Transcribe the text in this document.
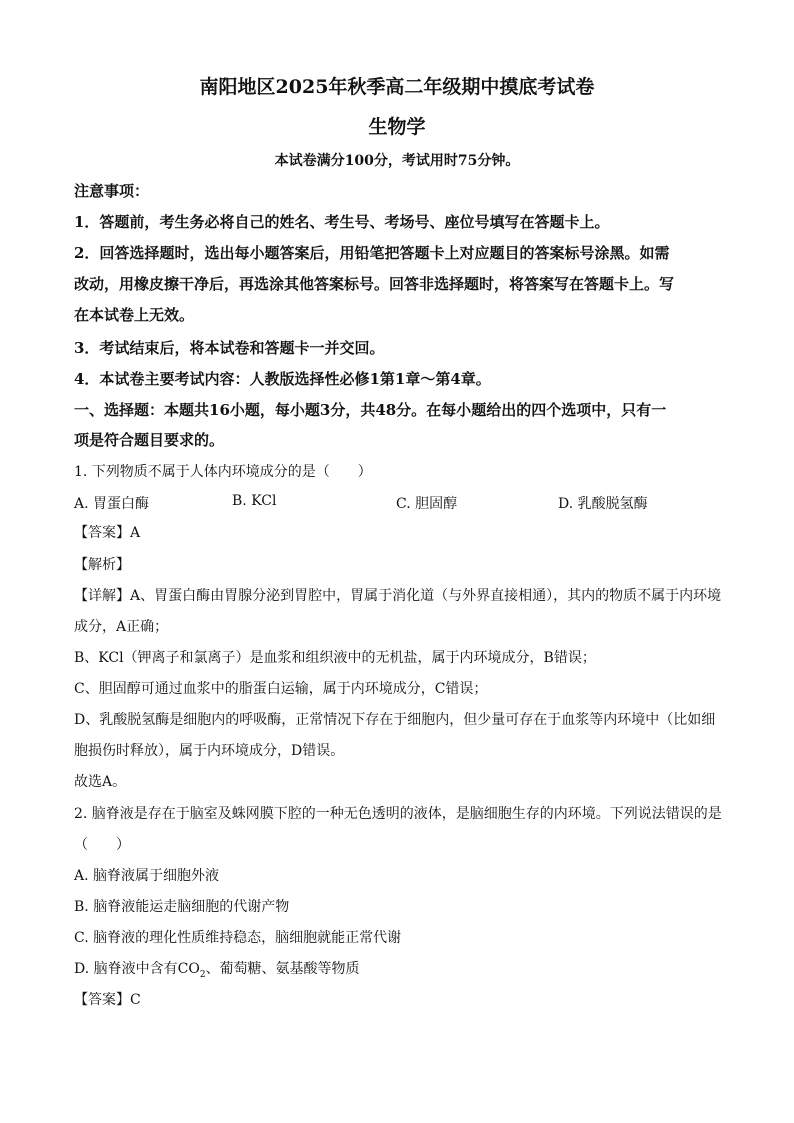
南阳地区2025年秋季高二年级期中摸底考试卷
生物学
本试卷满分100分，考试用时75分钟。
注意事项：
1．答题前，考生务必将自己的姓名、考生号、考场号、座位号填写在答题卡上。
2．回答选择题时，选出每小题答案后，用铅笔把答题卡上对应题目的答案标号涂黑。如需
改动，用橡皮擦干净后，再选涂其他答案标号。回答非选择题时，将答案写在答题卡上。写
在本试卷上无效。
3．考试结束后，将本试卷和答题卡一并交回。
4．本试卷主要考试内容：人教版选择性必修1第1章～第4章。
一、选择题：本题共16小题，每小题3分，共48分。在每小题给出的四个选项中，只有一
项是符合题目要求的。
1. 下列物质不属于人体内环境成分的是（　　）
A. 胃蛋白酶	B. KCl	C. 胆固醇	D. 乳酸脱氢酶
【答案】A
【解析】
【详解】A、胃蛋白酶由胃腺分泌到胃腔中，胃属于消化道（与外界直接相通），其内的物质不属于内环境
成分，A正确；
B、KCl（钾离子和氯离子）是血浆和组织液中的无机盐，属于内环境成分，B错误；
C、胆固醇可通过血浆中的脂蛋白运输，属于内环境成分，C错误；
D、乳酸脱氢酶是细胞内的呼吸酶，正常情况下存在于细胞内，但少量可存在于血浆等内环境中（比如细
胞损伤时释放），属于内环境成分，D错误。
故选A。
2. 脑脊液是存在于脑室及蛛网膜下腔的一种无色透明的液体，是脑细胞生存的内环境。下列说法错误的是
（　　）
A. 脑脊液属于细胞外液
B. 脑脊液能运走脑细胞的代谢产物
C. 脑脊液的理化性质维持稳态，脑细胞就能正常代谢
D. 脑脊液中含有$CO_2$、葡萄糖、氨基酸等物质
【答案】C
